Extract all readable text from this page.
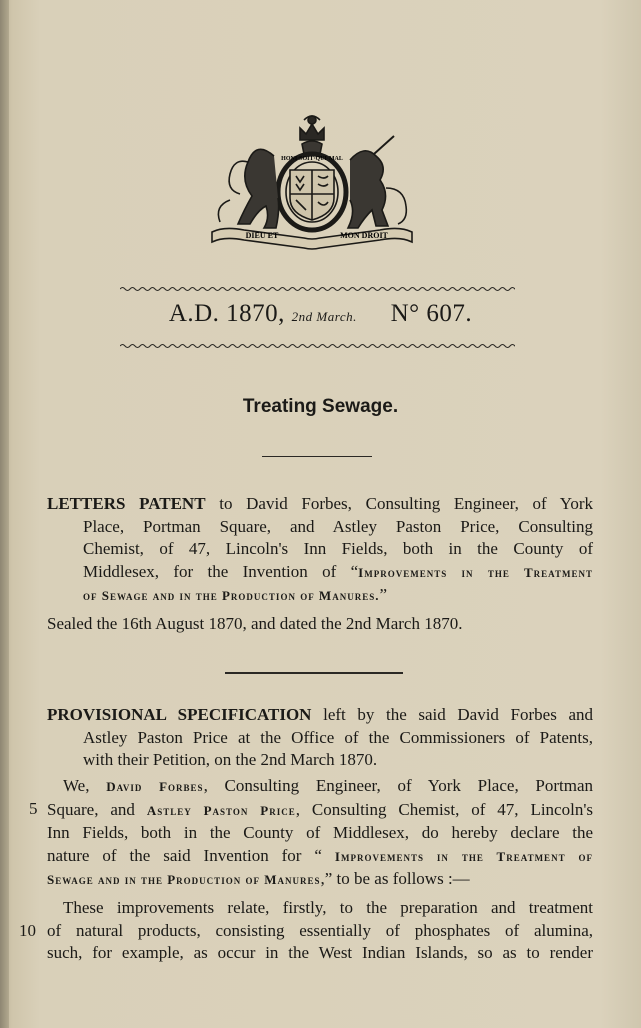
HONI·SOIT·QUI·MAL
DIEU ET	MON DROIT
A.D. 1870, 2nd March. N° 607.
Treating Sewage.
LETTERS PATENT to David Forbes, Consulting Engineer, of York
Place, Portman Square, and Astley Paston Price, Consulting
Chemist, of 47, Lincoln's Inn Fields, both in the County of
Middlesex, for the Invention of “Improvements in the Treatment
of Sewage and in the Production of Manures.”
Sealed the 16th August 1870, and dated the 2nd March 1870.
PROVISIONAL SPECIFICATION left by the said David Forbes and
Astley Paston Price at the Office of the Commissioners of Patents,
with their Petition, on the 2nd March 1870.
We, David Forbes, Consulting Engineer, of York Place, Portman
Square, and Astley Paston Price, Consulting Chemist, of 47, Lincoln's
Inn Fields, both in the County of Middlesex, do hereby declare the
nature of the said Invention for “ Improvements in the Treatment of
Sewage and in the Production of Manures,” to be as follows :—
These improvements relate, firstly, to the preparation and treatment
of natural products, consisting essentially of phosphates of alumina,
such, for example, as occur in the West Indian Islands, so as to render
5
10
